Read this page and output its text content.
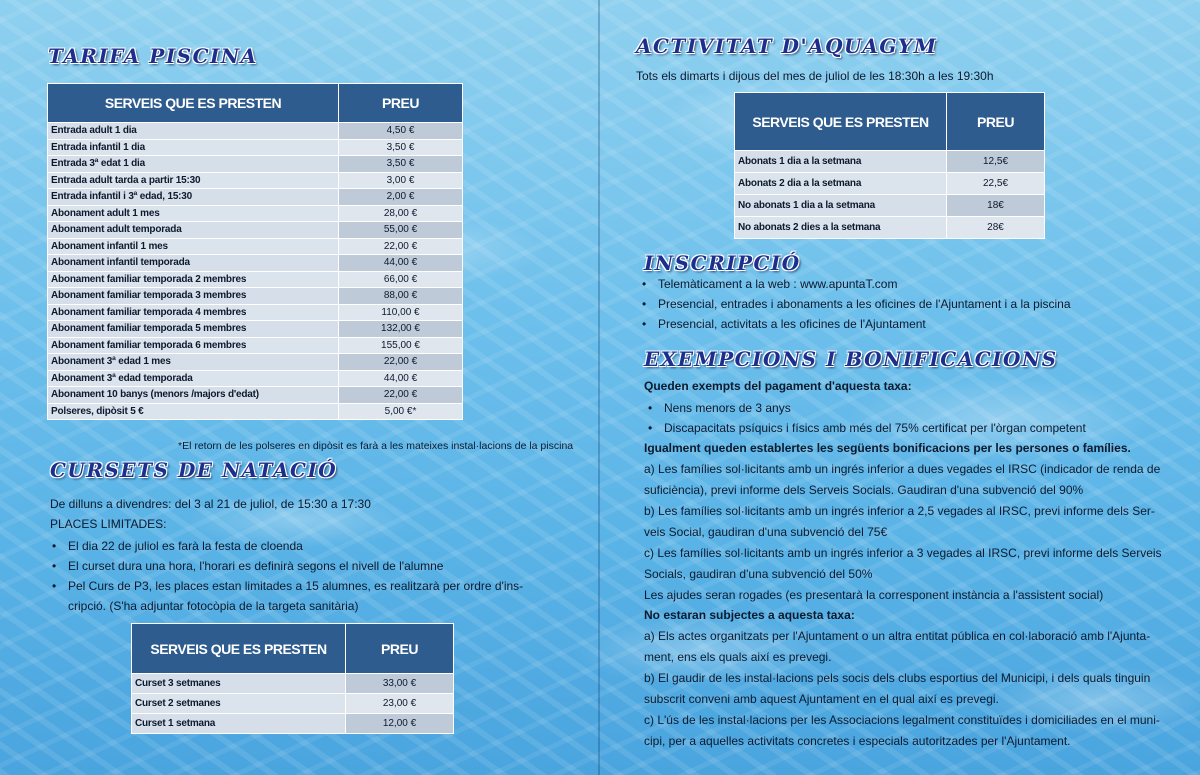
TARIFA PISCINA
SERVEIS QUE ES PRESTEN	PREU
Entrada adult 1 dia	4,50 €
Entrada infantil 1 dia	3,50 €
Entrada 3ª edat 1 dia	3,50 €
Entrada adult tarda a partir 15:30	3,00 €
Entrada infantil i 3ª edad, 15:30	2,00 €
Abonament adult 1 mes	28,00 €
Abonament adult temporada	55,00 €
Abonament infantil 1 mes	22,00 €
Abonament infantil temporada	44,00 €
Abonament familiar temporada 2 membres	66,00 €
Abonament familiar temporada 3 membres	88,00 €
Abonament familiar temporada 4 membres	110,00 €
Abonament familiar temporada 5 membres	132,00 €
Abonament familiar temporada 6 membres	155,00 €
Abonament 3ª edad 1 mes	22,00 €
Abonament 3ª edad temporada	44,00 €
Abonament 10 banys (menors /majors d'edat)	22,00 €
Polseres, dipòsit 5 €	5,00 €*

*El retorn de les polseres en dipòsit es farà a les mateixes instal·lacions de la piscina

CURSETS DE NATACIÓ

De dilluns a divendres: del 3 al 21 de juliol, de 15:30 a 17:30

PLACES LIMITADES:

• El dia 22 de juliol es farà la festa de cloenda
• El curset dura una hora, l'horari es definirà segons el nivell de l'alumne
• Pel Curs de P3, les places estan limitades a 15 alumnes, es realitzarà per ordre d'ins-
cripció. (S'ha adjuntar fotocòpia de la targeta sanitària)
SERVEIS QUE ES PRESTEN	PREU
Curset 3 setmanes	33,00 €
Curset 2 setmanes	23,00 €
Curset 1 setmana	12,00 €
ACTIVITAT D'AQUAGYM

Tots els dimarts i dijous del mes de juliol de les 18:30h a les 19:30h

SERVEIS QUE ES PRESTEN	PREU
Abonats 1 dia a la setmana	12,5€
Abonats 2 dia a la setmana	22,5€
No abonats 1 dia a la setmana	18€
No abonats 2 dies a la setmana	28€
INSCRIPCIÓ
• Telemàticament a la web : www.apuntaT.com
• Presencial, entrades i abonaments a les oficines de l'Ajuntament i a la piscina
• Presencial, activitats a les oficines de l'Ajuntament
EXEMPCIONS I BONIFICACIONS

Queden exempts del pagament d'aquesta taxa:

• Nens menors de 3 anys
• Discapacitats psíquics i físics amb més del 75% certificat per l'òrgan competent

Igualment queden establertes les següents bonificacions per les persones o famílies.

a) Les famílies sol·licitants amb un ingrés inferior a dues vegades el IRSC (indicador de renda de
suficiència), previ informe dels Serveis Socials. Gaudiran d'una subvenció del 90%
b) Les famílies sol·licitants amb un ingrés inferior a 2,5 vegades al IRSC, previ informe dels Ser-
veis Social, gaudiran d'una subvenció del 75€
c) Les famílies sol·licitants amb un ingrés inferior a 3 vegades al IRSC, previ informe dels Serveis
Socials, gaudiran d'una subvenció del 50%
Les ajudes seran rogades (es presentarà la corresponent instància a l'assistent social)

No estaran subjectes a aquesta taxa:

a) Els actes organitzats per l'Ajuntament o un altra entitat pública en col·laboració amb l'Ajunta-
ment, ens els quals així es prevegi.
b) El gaudir de les instal·lacions pels socis dels clubs esportius del Municipi, i dels quals tinguin
subscrit conveni amb aquest Ajuntament en el qual així es prevegi.
c) L'ús de les instal·lacions per les Associacions legalment constituïdes i domiciliades en el muni-
cipi, per a aquelles activitats concretes i especials autoritzades per l'Ajuntament.
